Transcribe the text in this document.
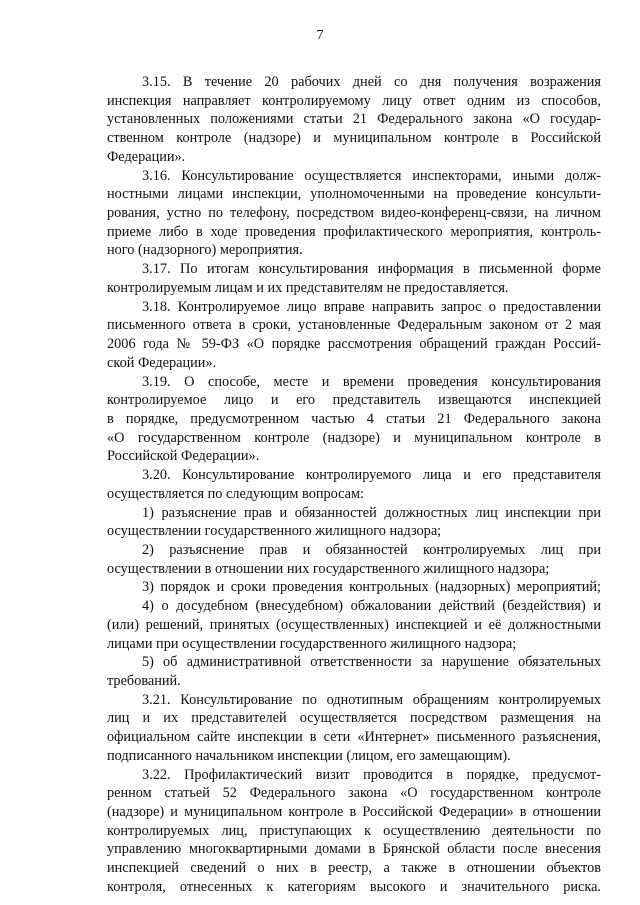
7
3.15. В течение 20 рабочих дней со дня получения возражения
инспекция направляет контролируемому лицу ответ одним из способов,
установленных положениями статьи 21 Федерального закона «О государ-
ственном контроле (надзоре) и муниципальном контроле в Российской
Федерации».
3.16. Консультирование осуществляется инспекторами, иными долж-
ностными лицами инспекции, уполномоченными на проведение консульти-
рования, устно по телефону, посредством видео-конференц-связи, на личном
приеме либо в ходе проведения профилактического мероприятия, контроль-
ного (надзорного) мероприятия.
3.17. По итогам консультирования информация в письменной форме
контролируемым лицам и их представителям не предоставляется.
3.18. Контролируемое лицо вправе направить запрос о предоставлении
письменного ответа в сроки, установленные Федеральным законом от 2 мая
2006 года № 59-ФЗ «О порядке рассмотрения обращений граждан Россий-
ской Федерации».
3.19. О способе, месте и времени проведения консультирования
контролируемое лицо и его представитель извещаются инспекцией
в порядке, предусмотренном частью 4 статьи 21 Федерального закона
«О государственном контроле (надзоре) и муниципальном контроле в
Российской Федерации».
3.20. Консультирование контролируемого лица и его представителя
осуществляется по следующим вопросам:
1) разъяснение прав и обязанностей должностных лиц инспекции при
осуществлении государственного жилищного надзора;
2) разъяснение прав и обязанностей контролируемых лиц при
осуществлении в отношении них государственного жилищного надзора;
3) порядок и сроки проведения контрольных (надзорных) мероприятий;
4) о досудебном (внесудебном) обжаловании действий (бездействия) и
(или) решений, принятых (осуществленных) инспекцией и её должностными
лицами при осуществлении государственного жилищного надзора;
5) об административной ответственности за нарушение обязательных
требований.
3.21. Консультирование по однотипным обращениям контролируемых
лиц и их представителей осуществляется посредством размещения на
официальном сайте инспекции в сети «Интернет» письменного разъяснения,
подписанного начальником инспекции (лицом, его замещающим).
3.22. Профилактический визит проводится в порядке, предусмот-
ренном статьей 52 Федерального закона «О государственном контроле
(надзоре) и муниципальном контроле в Российской Федерации» в отношении
контролируемых лиц, приступающих к осуществлению деятельности по
управлению многоквартирными домами в Брянской области после внесения
инспекцией сведений о них в реестр, а также в отношении объектов
контроля, отнесенных к категориям высокого и значительного риска.
